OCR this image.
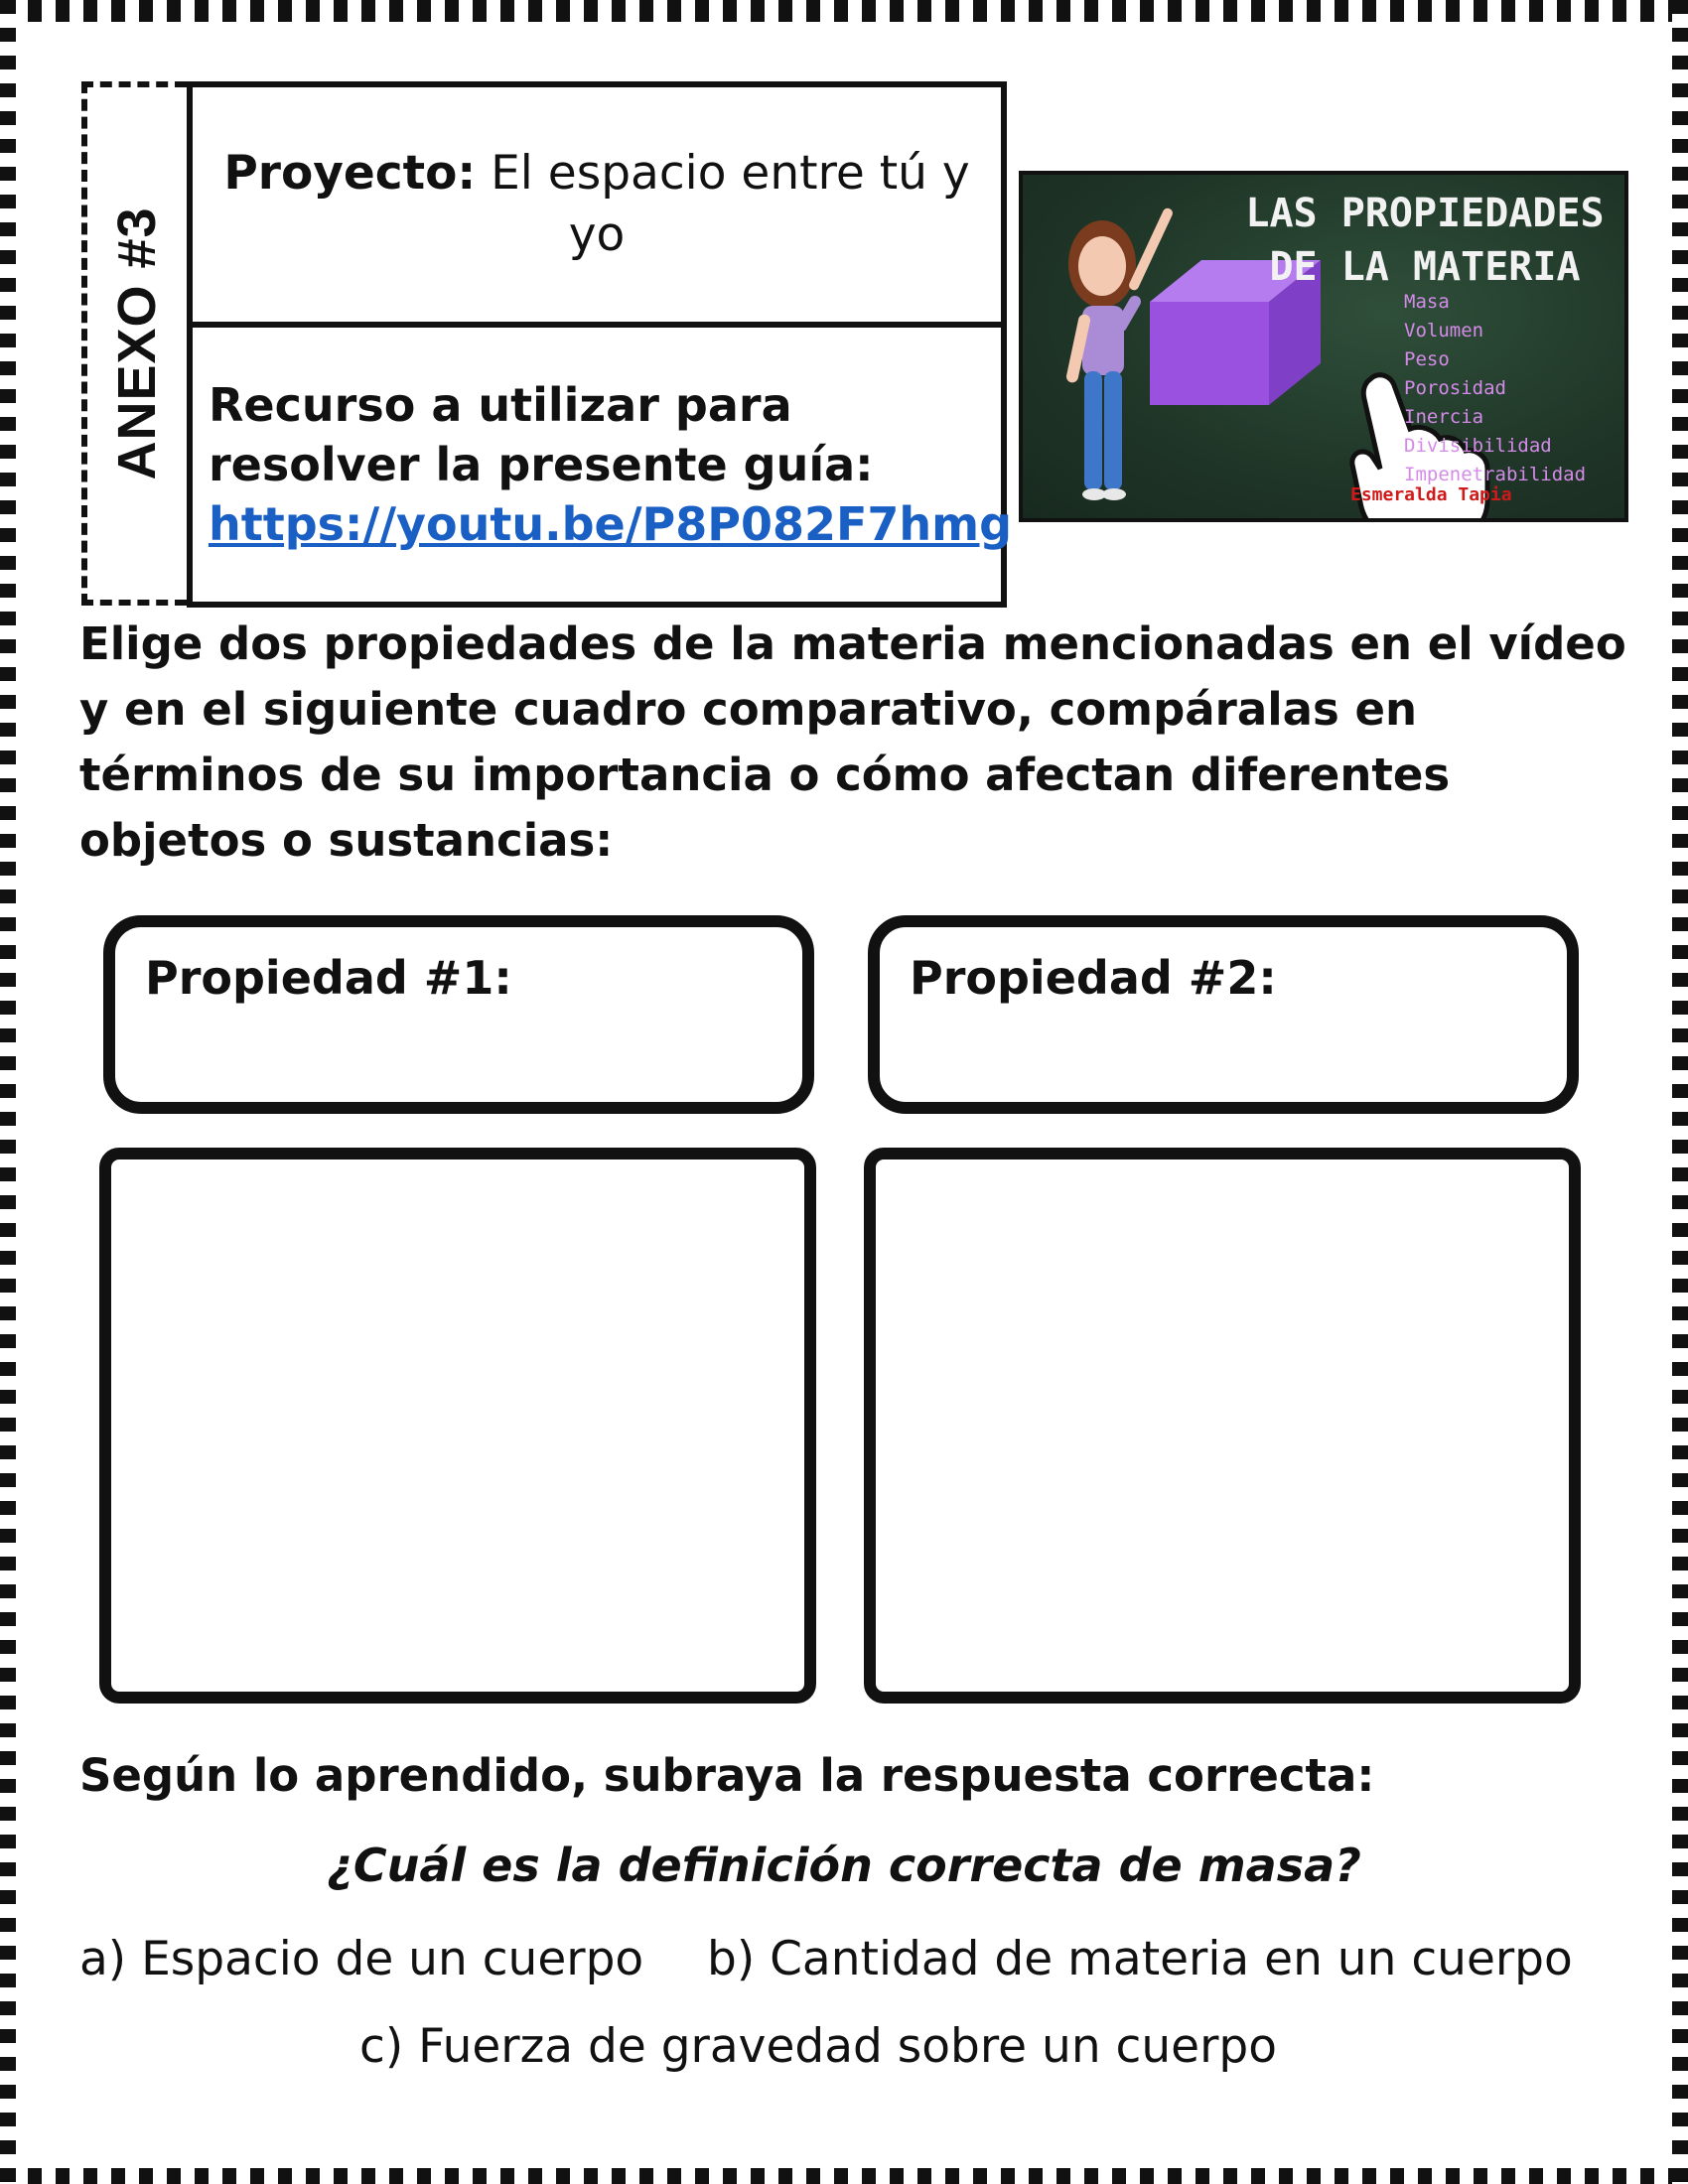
ANEXO #3
Proyecto: El espacio entre tú y yo
Recurso a utilizar para resolver la presente guía:
https://youtu.be/P8P082F7hmg
LAS PROPIEDADES
DE LA MATERIA
Masa
Volumen
Peso
Porosidad
Inercia
Divisibilidad
Impenetrabilidad
Esmeralda Tapia
Elige dos propiedades de la materia mencionadas en el vídeo y en el siguiente cuadro comparativo, compáralas en términos de su importancia o cómo afectan diferentes objetos o sustancias:
Propiedad #1:	Propiedad #2:
Según lo aprendido, subraya la respuesta correcta:
¿Cuál es la definición correcta de masa?
a) Espacio de un cuerpo b) Cantidad de materia en un cuerpo
c) Fuerza de gravedad sobre un cuerpo
